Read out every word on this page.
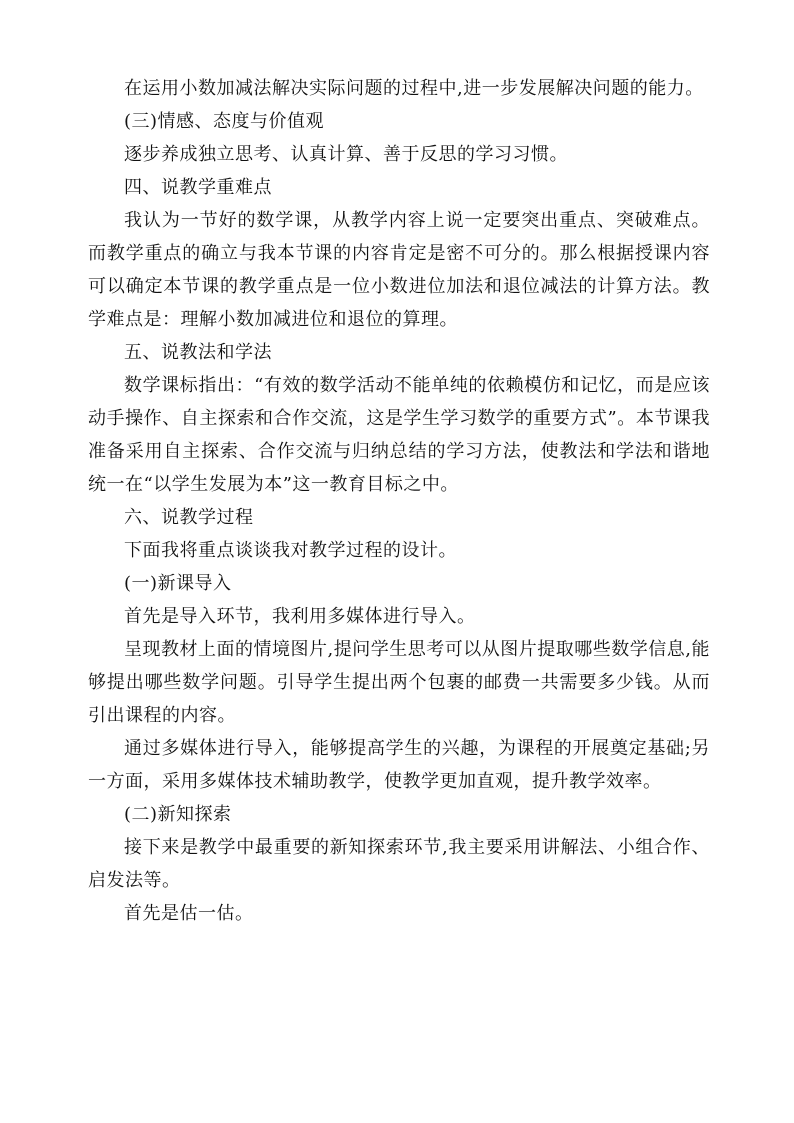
在运用小数加减法解决实际问题的过程中,进一步发展解决问题的能力。

(三)情感、态度与价值观

逐步养成独立思考、认真计算、善于反思的学习习惯。

四、说教学重难点

我认为一节好的数学课，从教学内容上说一定要突出重点、突破难点。而教学重点的确立与我本节课的内容肯定是密不可分的。那么根据授课内容可以确定本节课的教学重点是一位小数进位加法和退位减法的计算方法。教学难点是：理解小数加减进位和退位的算理。

五、说教法和学法

数学课标指出：“有效的数学活动不能单纯的依赖模仿和记忆，而是应该动手操作、自主探索和合作交流，这是学生学习数学的重要方式”。本节课我准备采用自主探索、合作交流与归纳总结的学习方法，使教法和学法和谐地统一在“以学生发展为本”这一教育目标之中。

六、说教学过程

下面我将重点谈谈我对教学过程的设计。

(一)新课导入

首先是导入环节，我利用多媒体进行导入。

呈现教材上面的情境图片,提问学生思考可以从图片提取哪些数学信息,能够提出哪些数学问题。引导学生提出两个包裹的邮费一共需要多少钱。从而引出课程的内容。

通过多媒体进行导入，能够提高学生的兴趣，为课程的开展奠定基础;另一方面，采用多媒体技术辅助教学，使教学更加直观，提升教学效率。

(二)新知探索

接下来是教学中最重要的新知探索环节,我主要采用讲解法、小组合作、启发法等。

首先是估一估。
